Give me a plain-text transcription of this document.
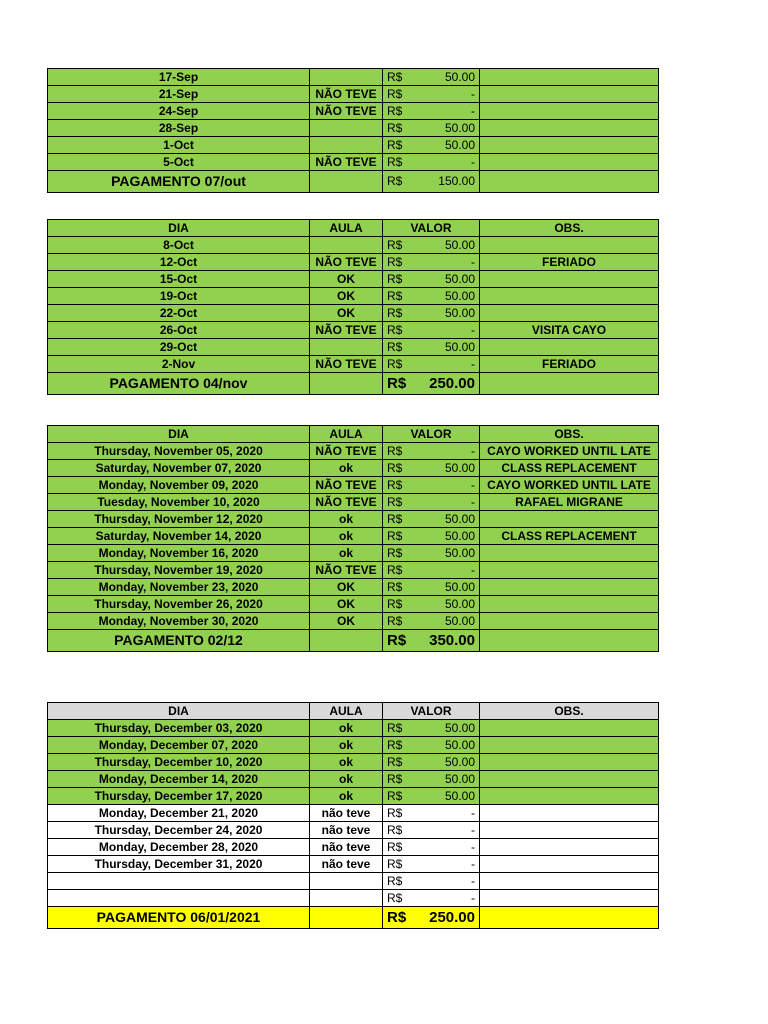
17-Sep		R$ 50.00	

21-Sep	NÃO TEVE	R$ -	

24-Sep	NÃO TEVE	R$ -	

28-Sep		R$ 50.00	

1-Oct		R$ 50.00	

5-Oct	NÃO TEVE	R$ -	

PAGAMENTO 07/out		R$ 150.00	

DIA	AULA	VALOR	OBS.
8-Oct		R$ 50.00	

12-Oct	NÃO TEVE	R$ -	FERIADO
15-Oct	OK	R$ 50.00	

19-Oct	OK	R$ 50.00	

22-Oct	OK	R$ 50.00	

26-Oct	NÃO TEVE	R$ -	VISITA CAYO
29-Oct		R$ 50.00	

2-Nov	NÃO TEVE	R$ -	FERIADO
PAGAMENTO 04/nov		R$ 250.00	

DIA	AULA	VALOR	OBS.
Thursday, November 05, 2020	NÃO TEVE	R$ -	CAYO WORKED UNTIL LATE
Saturday, November 07, 2020	ok	R$ 50.00	CLASS REPLACEMENT
Monday, November 09, 2020	NÃO TEVE	R$ -	CAYO WORKED UNTIL LATE
Tuesday, November 10, 2020	NÃO TEVE	R$ -	RAFAEL MIGRANE
Thursday, November 12, 2020	ok	R$ 50.00	

Saturday, November 14, 2020	ok	R$ 50.00	CLASS REPLACEMENT
Monday, November 16, 2020	ok	R$ 50.00	

Thursday, November 19, 2020	NÃO TEVE	R$ -	

Monday, November 23, 2020	OK	R$ 50.00	

Thursday, November 26, 2020	OK	R$ 50.00	

Monday, November 30, 2020	OK	R$ 50.00	

PAGAMENTO 02/12		R$ 350.00	

DIA	AULA	VALOR	OBS.
Thursday, December 03, 2020	ok	R$ 50.00	

Monday, December 07, 2020	ok	R$ 50.00	

Thursday, December 10, 2020	ok	R$ 50.00	

Monday, December 14, 2020	ok	R$ 50.00	

Thursday, December 17, 2020	ok	R$ 50.00	

Monday, December 21, 2020	não teve	R$ -	

Thursday, December 24, 2020	não teve	R$ -	

Monday, December 28, 2020	não teve	R$ -	

Thursday, December 31, 2020	não teve	R$ -	

		R$ -	

		R$ -	

PAGAMENTO 06/01/2021		R$ 250.00	
